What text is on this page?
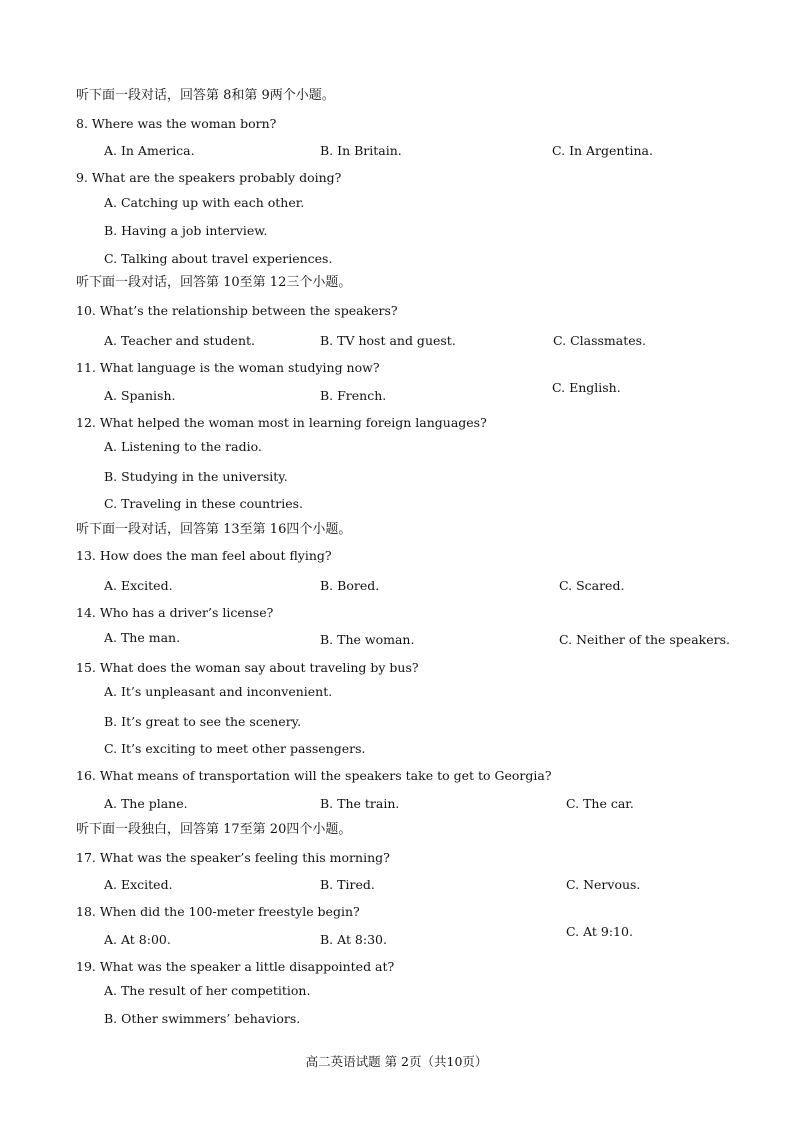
听下面一段对话，回答第 8和第 9两个小题。
8. Where was the woman born?
A. In America.	B. In Britain.	C. In Argentina.
9. What are the speakers probably doing?
A. Catching up with each other.
B. Having a job interview.
C. Talking about travel experiences.
听下面一段对话，回答第 10至第 12三个小题。
10. What’s the relationship between the speakers?
A. Teacher and student.	B. TV host and guest.	C. Classmates.
11. What language is the woman studying now?
A. Spanish.	B. French.
C. English.
12. What helped the woman most in learning foreign languages?
A. Listening to the radio.
B. Studying in the university.
C. Traveling in these countries.
听下面一段对话，回答第 13至第 16四个小题。
13. How does the man feel about flying?
A. Excited.	B. Bored.	C. Scared.
14. Who has a driver’s license?
A. The man.	B. The woman.	C. Neither of the speakers.
15. What does the woman say about traveling by bus?
A. It’s unpleasant and inconvenient.
B. It’s great to see the scenery.
C. It’s exciting to meet other passengers.
16. What means of transportation will the speakers take to get to Georgia?
A. The plane.	B. The train.	C. The car.
听下面一段独白，回答第 17至第 20四个小题。
17. What was the speaker’s feeling this morning?
A. Excited.	B. Tired.	C. Nervous.
18. When did the 100-meter freestyle begin?
A. At 8:00.	B. At 8:30.
C. At 9:10.
19. What was the speaker a little disappointed at?
A. The result of her competition.
B. Other swimmers’ behaviors.
高二英语试题 第 2页（共10页）
